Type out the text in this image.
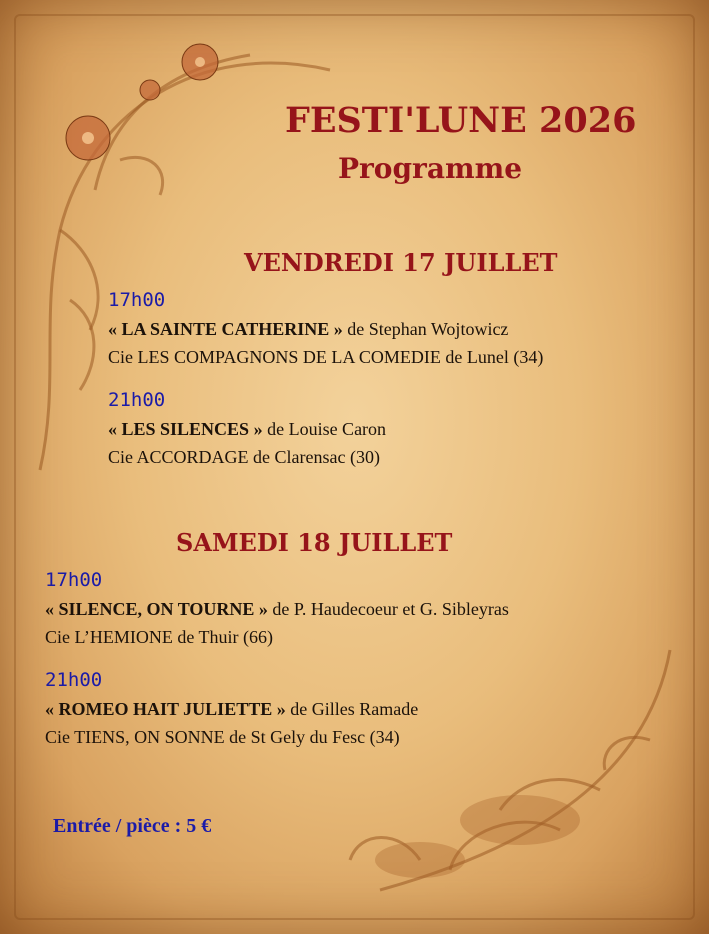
FESTI'LUNE 2026
Programme
VENDREDI 17 JUILLET
17h00
« LA SAINTE CATHERINE » de Stephan Wojtowicz
Cie LES COMPAGNONS DE LA COMEDIE de Lunel (34)
21h00
« LES SILENCES » de Louise Caron
Cie ACCORDAGE de Clarensac (30)
SAMEDI 18 JUILLET
17h00
« SILENCE, ON TOURNE » de P. Haudecoeur et G. Sibleyras
Cie L’HEMIONE de Thuir (66)
21h00
« ROMEO HAIT JULIETTE » de Gilles Ramade
Cie TIENS, ON SONNE de St Gely du Fesc (34)
Entrée / pièce : 5 €
